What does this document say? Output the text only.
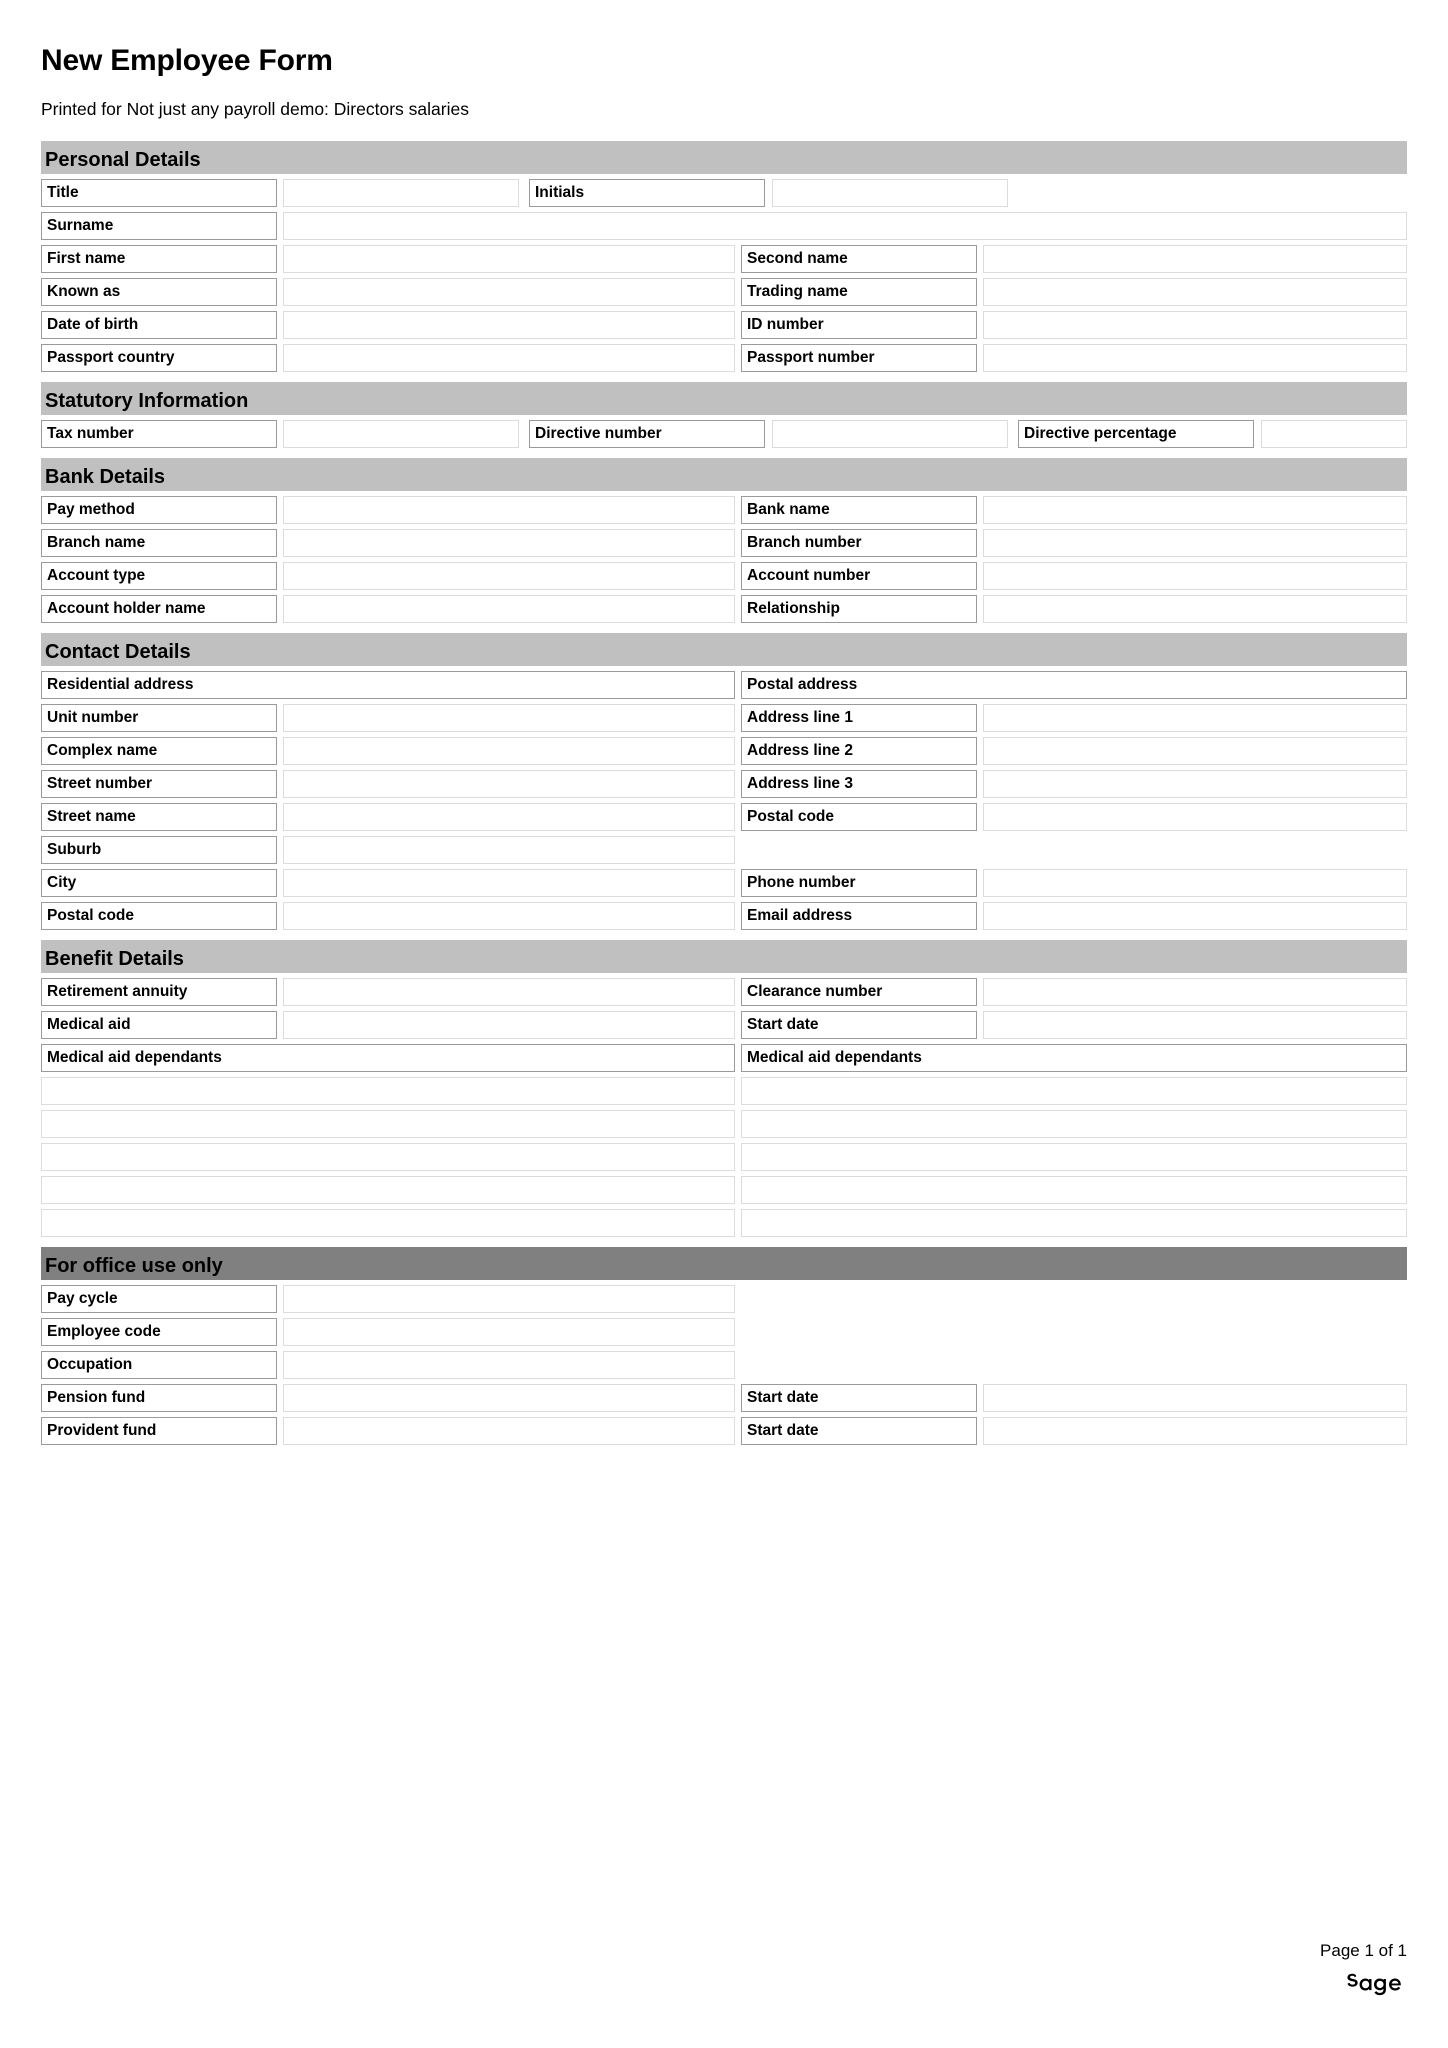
New Employee Form

Printed for Not just any payroll demo: Directors salaries

Personal Details
Title	Initials
Surname
First name	Second name
Known as	Trading name
Date of birth	ID number
Passport country	Passport number
Statutory Information
Tax number	Directive number	Directive percentage
Bank Details
Pay method	Bank name
Branch name	Branch number
Account type	Account number
Account holder name	Relationship
Contact Details
Residential address	Postal address
Unit number	Address line 1
Complex name	Address line 2
Street number	Address line 3
Street name	Postal code
Suburb
City	Phone number
Postal code	Email address
Benefit Details
Retirement annuity	Clearance number
Medical aid	Start date
Medical aid dependants	Medical aid dependants
For office use only
Pay cycle
Employee code
Occupation
Pension fund	Start date
Provident fund	Start date
Page 1 of 1
